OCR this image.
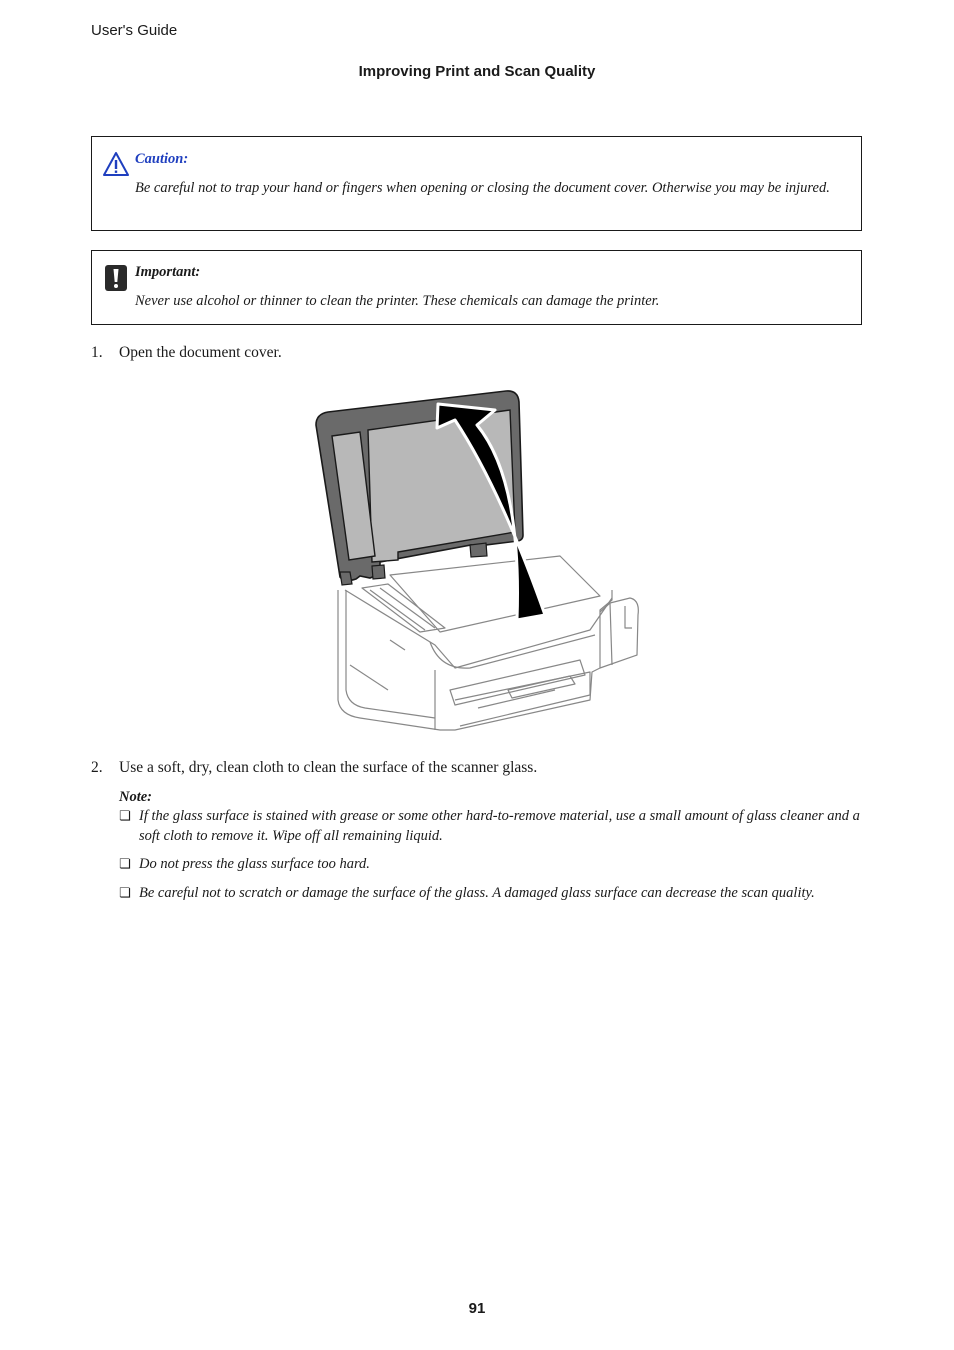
User's Guide
Improving Print and Scan Quality
Caution:
Be careful not to trap your hand or fingers when opening or closing the document cover. Otherwise you may be injured.
Important:
Never use alcohol or thinner to clean the printer. These chemicals can damage the printer.
1. Open the document cover.
2. Use a soft, dry, clean cloth to clean the surface of the scanner glass.
Note:
❏ If the glass surface is stained with grease or some other hard-to-remove material, use a small amount of glass cleaner and a soft cloth to remove it. Wipe off all remaining liquid.
❏ Do not press the glass surface too hard.
❏ Be careful not to scratch or damage the surface of the glass. A damaged glass surface can decrease the scan quality.
91
